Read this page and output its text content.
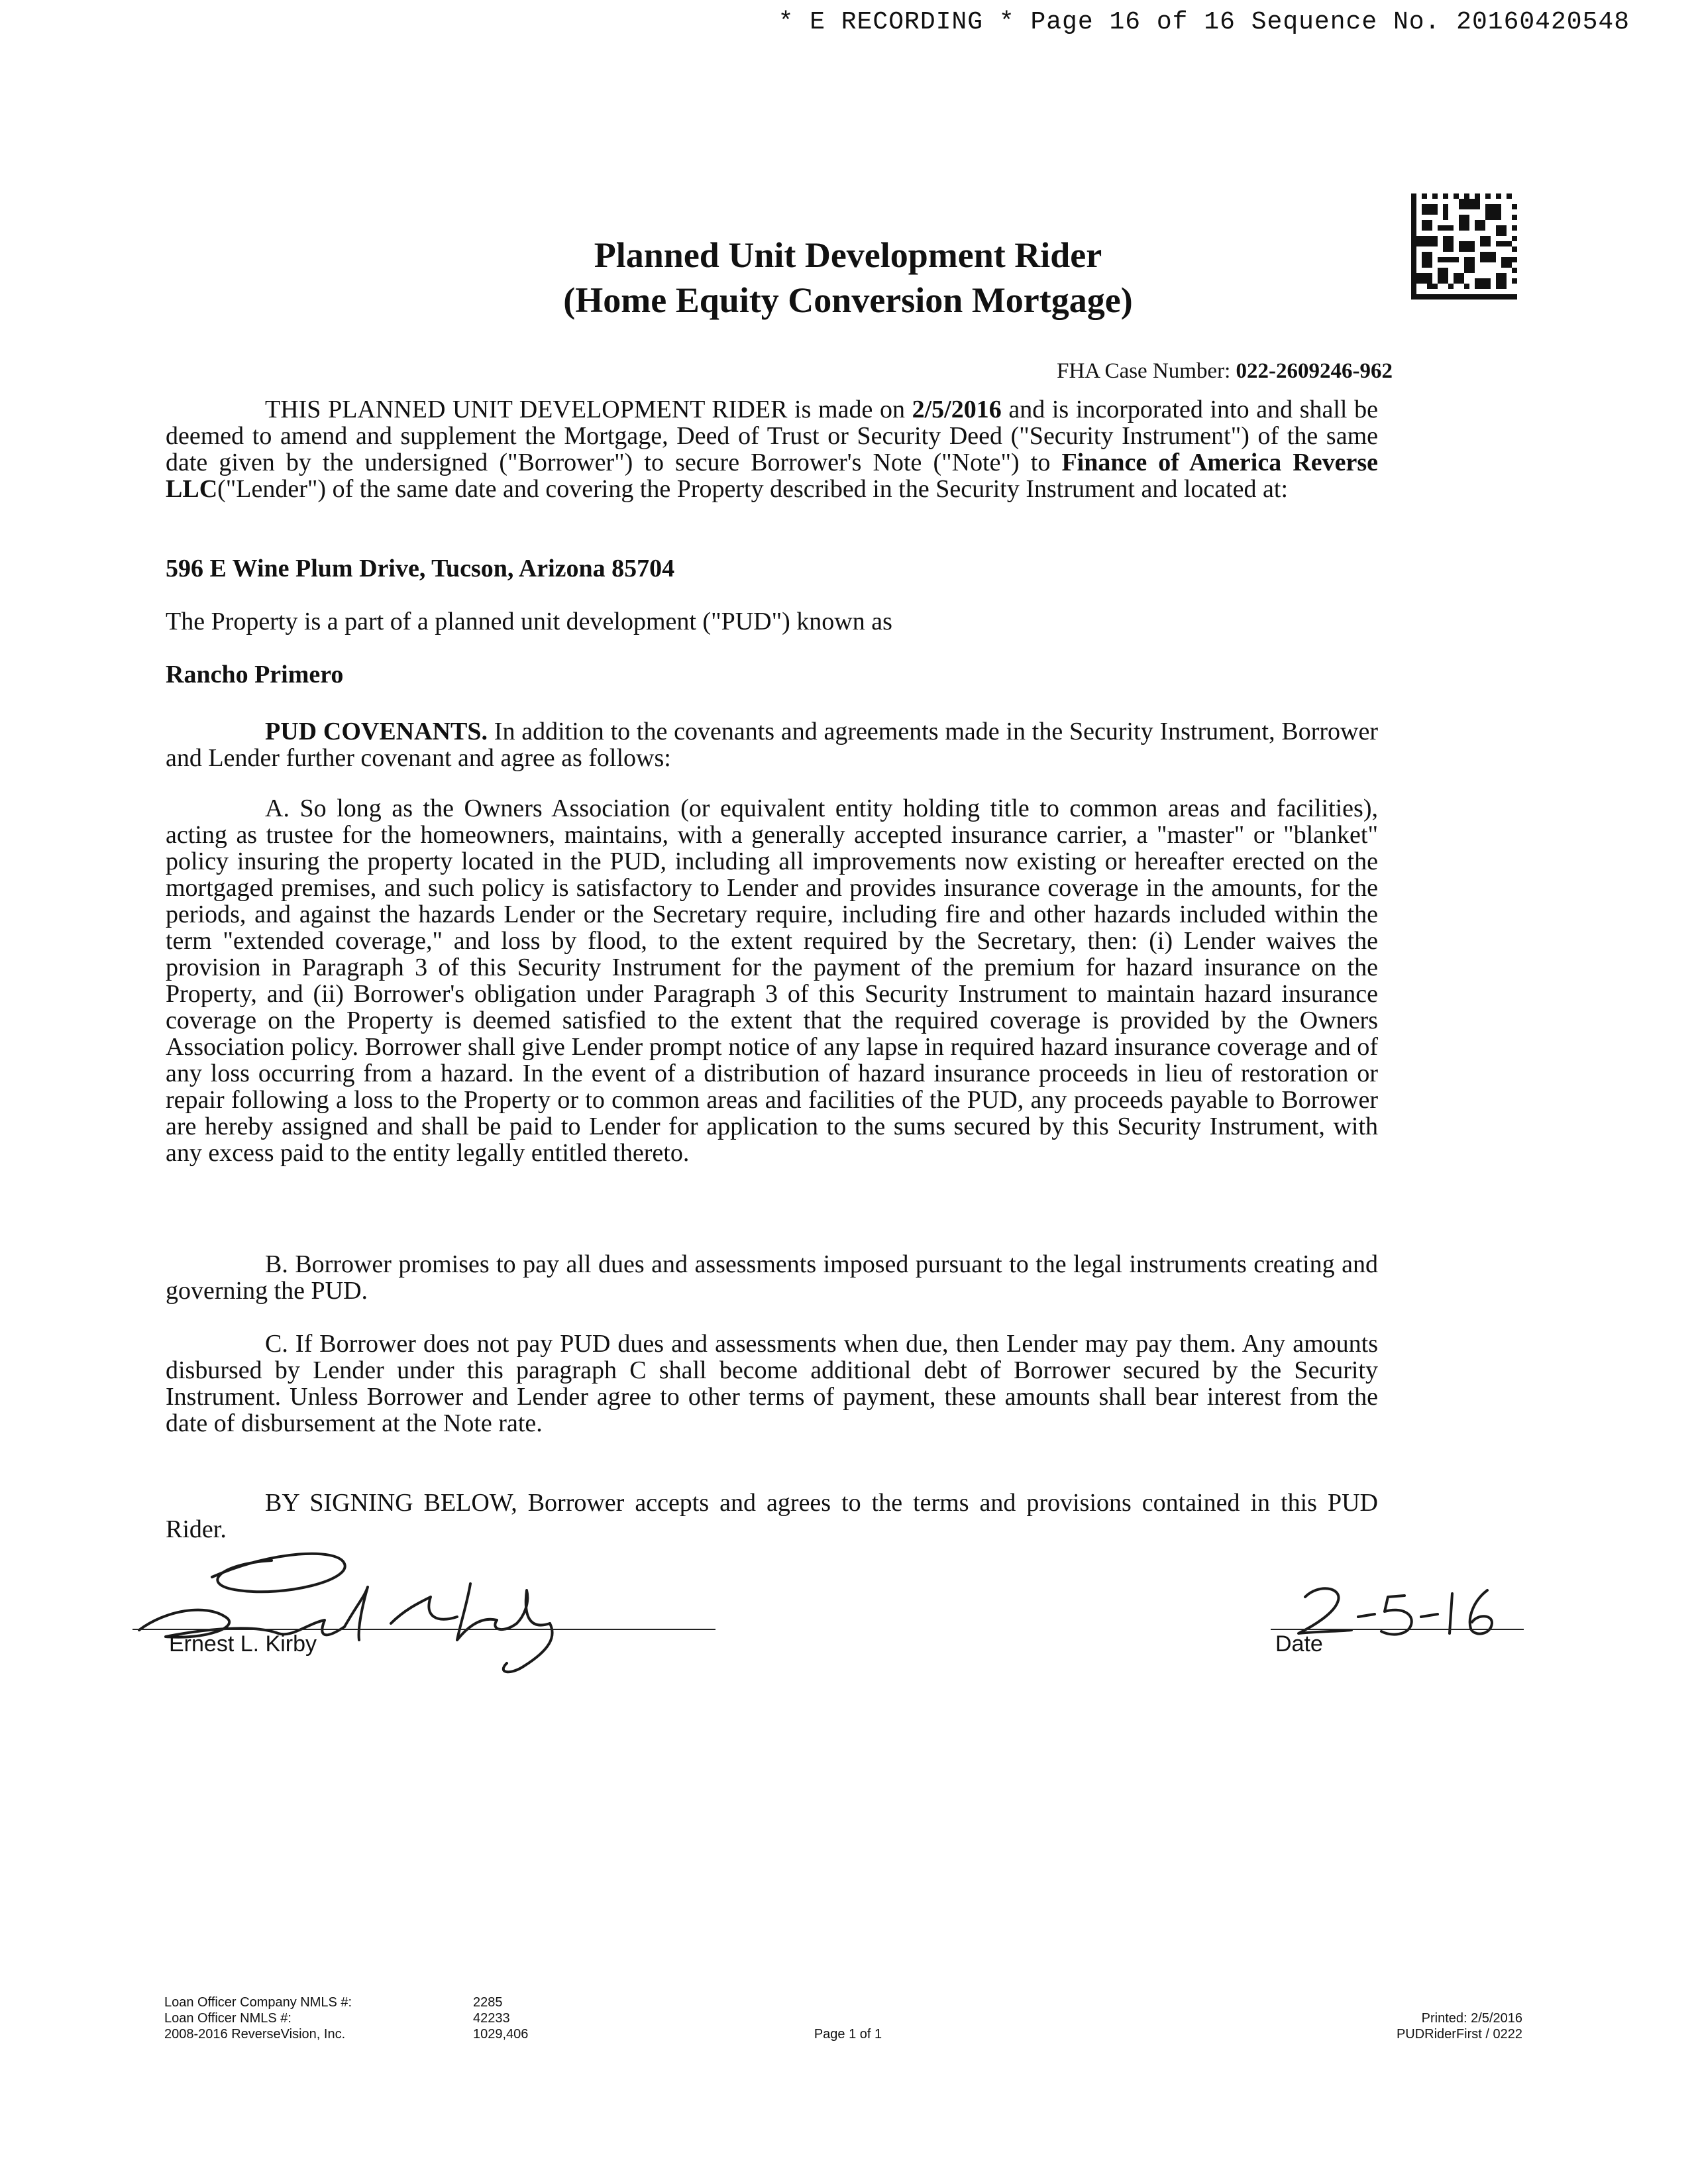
* E RECORDING * Page 16 of 16 Sequence No. 20160420548
Planned Unit Development Rider
(Home Equity Conversion Mortgage)
FHA Case Number: 022-2609246-962

THIS PLANNED UNIT DEVELOPMENT RIDER is made on 2/5/2016 and is incorporated into and shall be deemed to amend and supplement the Mortgage, Deed of Trust or Security Deed ("Security Instrument") of the same date given by the undersigned ("Borrower") to secure Borrower's Note ("Note") to Finance of America Reverse LLC("Lender") of the same date and covering the Property described in the Security Instrument and located at:

596 E Wine Plum Drive, Tucson, Arizona 85704
The Property is a part of a planned unit development ("PUD") known as
Rancho Primero

PUD COVENANTS. In addition to the covenants and agreements made in the Security Instrument, Borrower and Lender further covenant and agree as follows:

A. So long as the Owners Association (or equivalent entity holding title to common areas and facilities), acting as trustee for the homeowners, maintains, with a generally accepted insurance carrier, a "master" or "blanket" policy insuring the property located in the PUD, including all improvements now existing or hereafter erected on the mortgaged premises, and such policy is satisfactory to Lender and provides insurance coverage in the amounts, for the periods, and against the hazards Lender or the Secretary require, including fire and other hazards included within the term "extended coverage," and loss by flood, to the extent required by the Secretary, then: (i) Lender waives the provision in Paragraph 3 of this Security Instrument for the payment of the premium for hazard insurance on the Property, and (ii) Borrower's obligation under Paragraph 3 of this Security Instrument to maintain hazard insurance coverage on the Property is deemed satisfied to the extent that the required coverage is provided by the Owners Association policy. Borrower shall give Lender prompt notice of any lapse in required hazard insurance coverage and of any loss occurring from a hazard. In the event of a distribution of hazard insurance proceeds in lieu of restoration or repair following a loss to the Property or to common areas and facilities of the PUD, any proceeds payable to Borrower are hereby assigned and shall be paid to Lender for application to the sums secured by this Security Instrument, with any excess paid to the entity legally entitled thereto.

B. Borrower promises to pay all dues and assessments imposed pursuant to the legal instruments creating and governing the PUD.

C. If Borrower does not pay PUD dues and assessments when due, then Lender may pay them. Any amounts disbursed by Lender under this paragraph C shall become additional debt of Borrower secured by the Security Instrument. Unless Borrower and Lender agree to other terms of payment, these amounts shall bear interest from the date of disbursement at the Note rate.

BY SIGNING BELOW, Borrower accepts and agrees to the terms and provisions contained in this PUD Rider.

Ernest L. Kirby	Date
Loan Officer Company NMLS #:
Loan Officer NMLS #:
2008-2016 ReverseVision, Inc.
2285
42233
1029,406	Page 1 of 1
Printed: 2/5/2016
PUDRiderFirst / 0222
